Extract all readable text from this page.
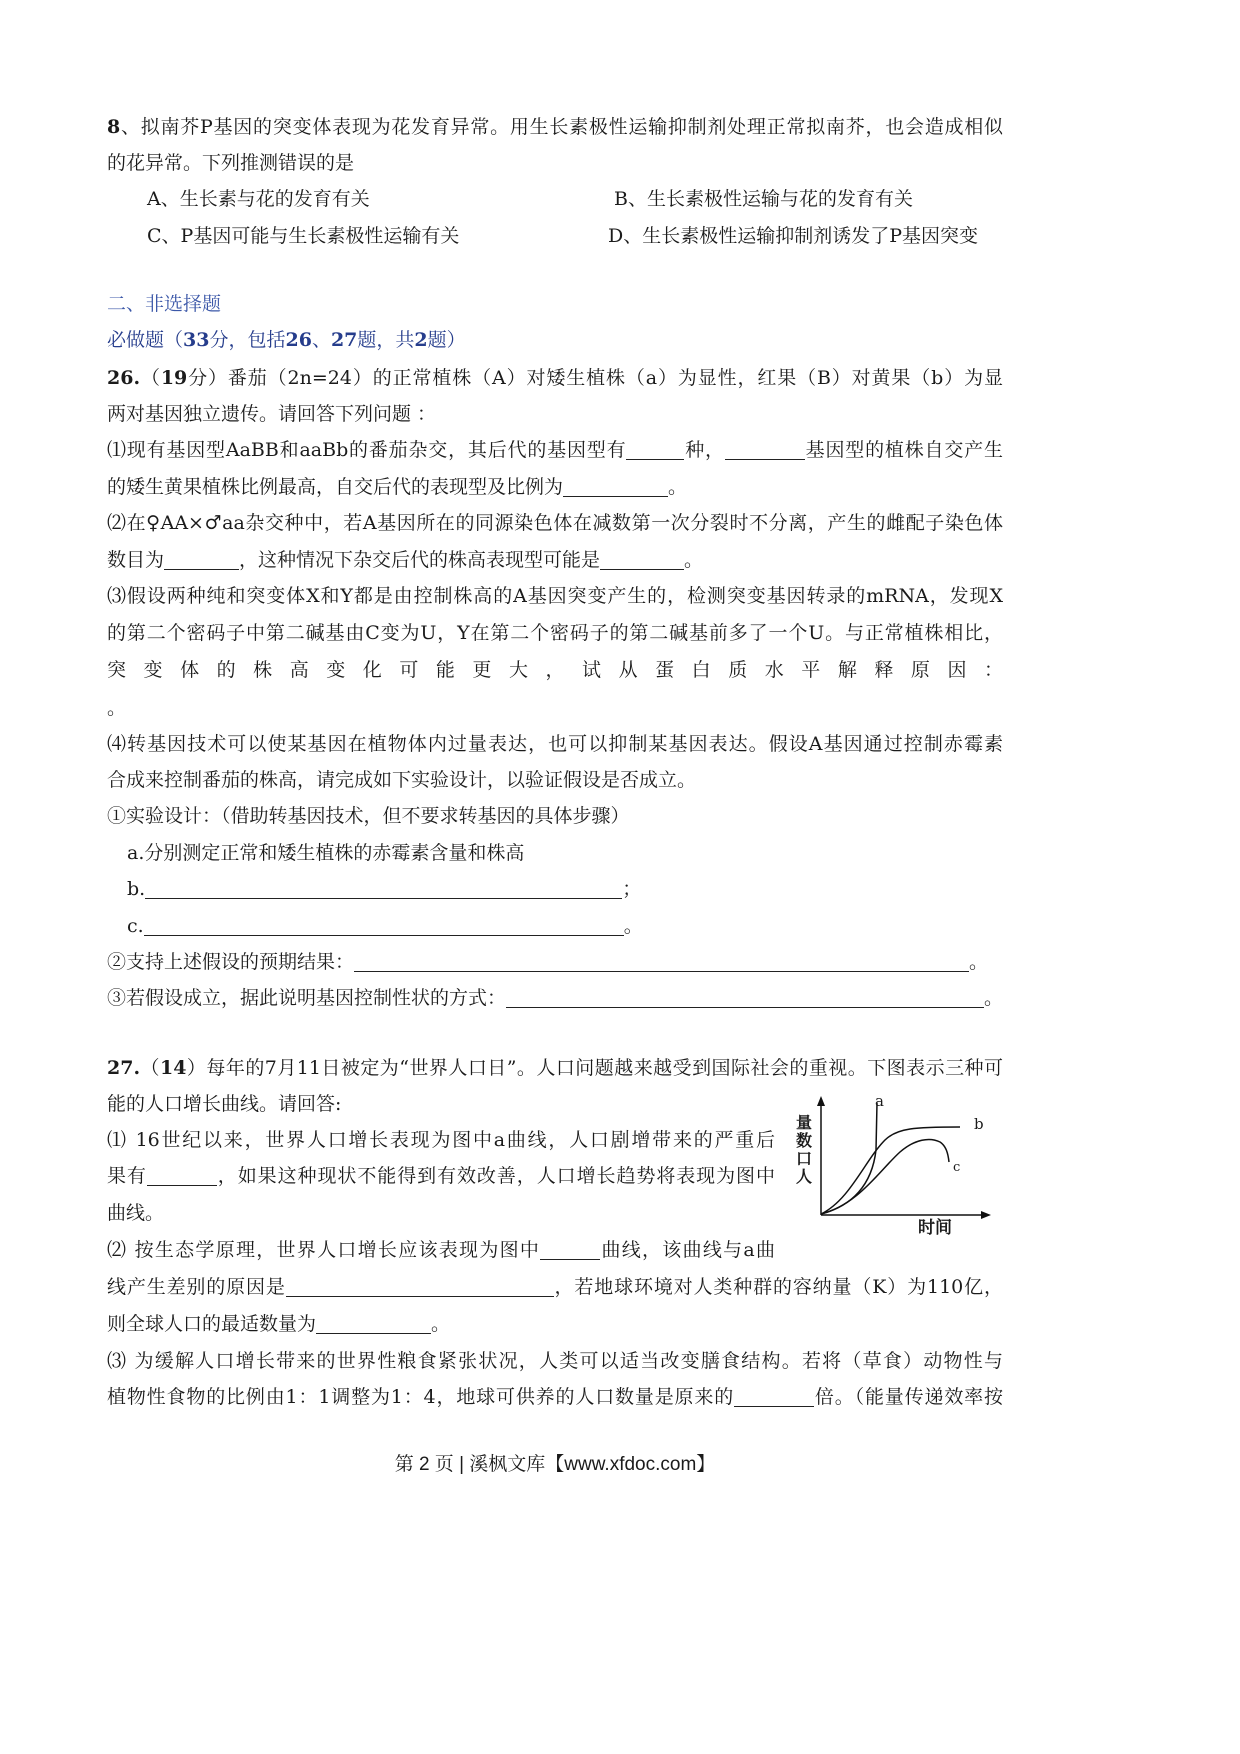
8、拟南芥P基因的突变体表现为花发育异常。用生长素极性运输抑制剂处理正常拟南芥，也会造成相似
的花异常。下列推测错误的是
A、生长素与花的发育有关	B、生长素极性运输与花的发育有关
C、P基因可能与生长素极性运输有关	D、生长素极性运输抑制剂诱发了P基因突变
二、非选择题
必做题（33分，包括26、27题，共2题）
26.（19分）番茄（2n=24）的正常植株（A）对矮生植株（a）为显性，红果（B）对黄果（b）为显
两对基因独立遗传。请回答下列问题 ：
⑴现有基因型AaBB和aaBb的番茄杂交，其后代的基因型有	种，	基因型的植株自交产生
的矮生黄果植株比例最高，自交后代的表现型及比例为	。
⑵在♀AA×♂aa杂交种中，若A基因所在的同源染色体在减数第一次分裂时不分离，产生的雌配子染色体
数目为	，这种情况下杂交后代的株高表现型可能是	。
⑶假设两种纯和突变体X和Y都是由控制株高的A基因突变产生的，检测突变基因转录的mRNA，发现X
的第二个密码子中第二碱基由C变为U，Y在第二个密码子的第二碱基前多了一个U。与正常植株相比，
突变体的株高变化可能更大，试从蛋白质水平解释原因：
。
⑷转基因技术可以使某基因在植物体内过量表达，也可以抑制某基因表达。假设A基因通过控制赤霉素
合成来控制番茄的株高，请完成如下实验设计，以验证假设是否成立。
①实验设计：（借助转基因技术，但不要求转基因的具体步骤）
a.分别测定正常和矮生植株的赤霉素含量和株高
b.	；
c.	。
②支持上述假设的预期结果：	。
③若假设成立，据此说明基因控制性状的方式：	。
27.（14）每年的7月11日被定为“世界人口日”。人口问题越来越受到国际社会的重视。下图表示三种可
能的人口增长曲线。请回答:
⑴ 16世纪以来，世界人口增长表现为图中a曲线，人口剧增带来的严重后
果有	，如果这种现状不能得到有效改善，人口增长趋势将表现为图中
曲线。
⑵ 按生态学原理，世界人口增长应该表现为图中	曲线，该曲线与a曲
线产生差别的原因是	，若地球环境对人类种群的容纳量（K）为110亿，
则全球人口的最适数量为	。
⑶ 为缓解人口增长带来的世界性粮食紧张状况，人类可以适当改变膳食结构。若将（草食）动物性与
植物性食物的比例由1：1调整为1：4，地球可供养的人口数量是原来的	倍。（能量传递效率按
a
b
c
人
口
数
量
时间
第 2 页 | 溪枫文库【www.xfdoc.com】
